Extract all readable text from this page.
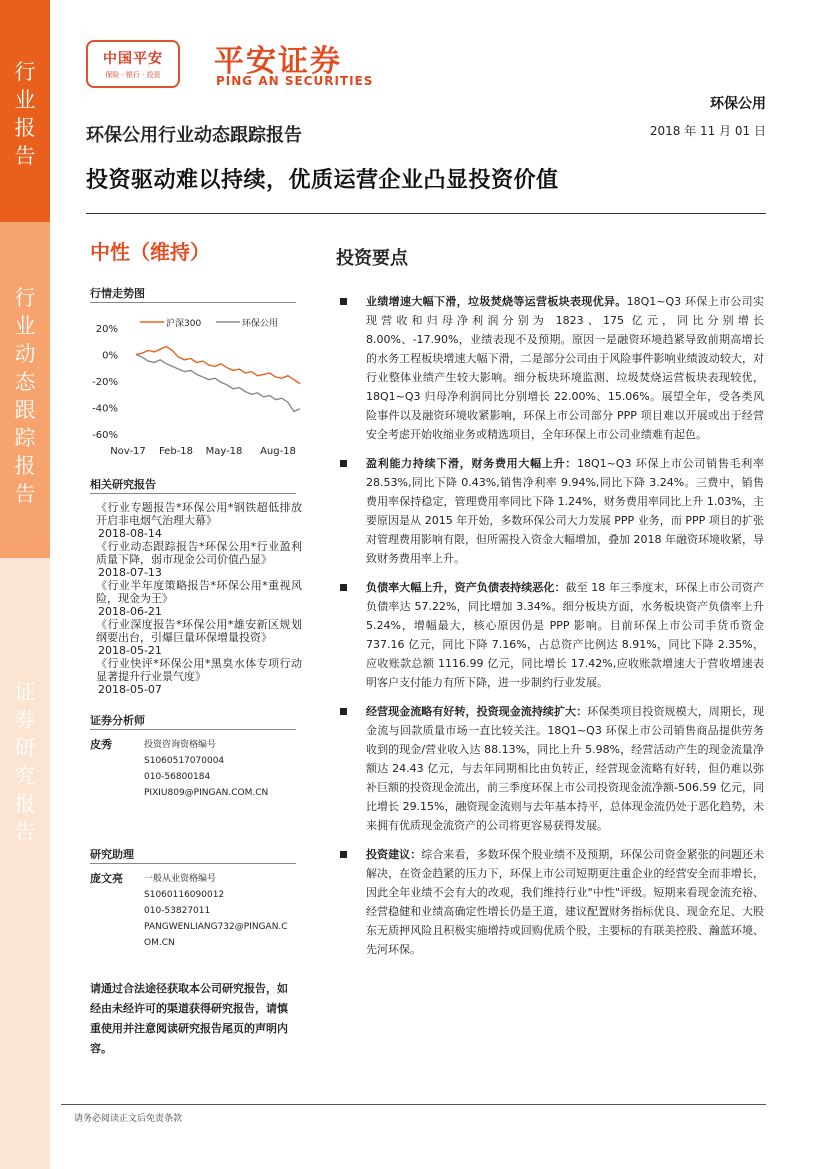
行
业
报
告
行
业
动
态
跟
踪
报
告
证
券
研
究
报
告
中国平安
保险 · 银行 · 投资	平安证券
PING AN SECURITIES
环保公用
环保公用行业动态跟踪报告	2018 年 11 月 01 日
投资驱动难以持续，优质运营企业凸显投资价值
中性（维持）
行情走势图
20%
0%
-20%
-40%
-60%
Nov-17 Feb-18 May-18 Aug-18
沪深300	环保公用
相关研究报告
《行业专题报告*环保公用*钢铁超低排放开启非电烟气治理大幕》
2018-08-14
《行业动态跟踪报告*环保公用*行业盈利质量下降，弱市现金公司价值凸显》
2018-07-13
《行业半年度策略报告*环保公用*重视风险，现金为王》
2018-06-21
《行业深度报告*环保公用*雄安新区规划纲要出台，引爆巨量环保增量投资》
2018-05-21
《行业快评*环保公用*黑臭水体专项行动显著提升行业景气度》
2018-05-07
证券分析师
皮秀	投资咨询资格编号
S1060517070004
010-56800184
PIXIU809@PINGAN.COM.CN
研究助理
庞文亮 一般从业资格编号
S1060116090012
010-53827011
PANGWENLIANG732@PINGAN.COM.CN
请通过合法途径获取本公司研究报告，如经由未经许可的渠道获得研究报告，请慎重使用并注意阅读研究报告尾页的声明内容。
投资要点
业绩增速大幅下滑，垃圾焚烧等运营板块表现优异。18Q1~Q3 环保上市公司实现营收和归母净利润分别为 1823、175 亿元，同比分别增长 8.00%、-17.90%，业绩表现不及预期。原因一是融资环境趋紧导致前期高增长的水务工程板块增速大幅下滑，二是部分公司由于风险事件影响业绩波动较大，对行业整体业绩产生较大影响。细分板块环境监测、垃圾焚烧运营板块表现较优，18Q1~Q3 归母净利润同比分别增长 22.00%、15.06%。展望全年，受各类风险事件以及融资环境收紧影响，环保上市公司部分 PPP 项目难以开展或出于经营安全考虑开始收缩业务或精选项目，全年环保上市公司业绩难有起色。
盈利能力持续下滑，财务费用大幅上升：18Q1~Q3 环保上市公司销售毛利率 28.53%,同比下降 0.43%,销售净利率 9.94%,同比下降 3.24%。三费中，销售费用率保持稳定，管理费用率同比下降 1.24%，财务费用率同比上升 1.03%，主要原因是从 2015 年开始，多数环保公司大力发展 PPP 业务，而 PPP 项目的扩张对管理费用影响有限，但所需投入资金大幅增加，叠加 2018 年融资环境收紧，导致财务费用率上升。
负债率大幅上升，资产负债表持续恶化：截至 18 年三季度末，环保上市公司资产负债率达 57.22%，同比增加 3.34%。细分板块方面，水务板块资产负债率上升 5.24%，增幅最大，核心原因仍是 PPP 影响。目前环保上市公司手货币资金 737.16 亿元，同比下降 7.16%，占总资产比例达 8.91%，同比下降 2.35%，应收账款总额 1116.99 亿元，同比增长 17.42%,应收账款增速大于营收增速表明客户支付能力有所下降，进一步制约行业发展。
经营现金流略有好转，投资现金流持续扩大：环保类项目投资规模大，周期长，现金流与回款质量市场一直比较关注。18Q1~Q3 环保上市公司销售商品提供劳务收到的现金/营业收入达 88.13%，同比上升 5.98%，经营活动产生的现金流量净额达 24.43 亿元，与去年同期相比由负转正，经营现金流略有好转，但仍难以弥补巨额的投资现金流出，前三季度环保上市公司投资现金流净额-506.59 亿元，同比增长 29.15%，融资现金流则与去年基本持平，总体现金流仍处于恶化趋势，未来拥有优质现金流资产的公司将更容易获得发展。
投资建议：综合来看，多数环保个股业绩不及预期，环保公司资金紧张的问题还未解决，在资金趋紧的压力下，环保上市公司短期更注重企业的经营安全而非增长，因此全年业绩不会有大的改观，我们维持行业"中性"评级。短期来看现金流充裕、经营稳健和业绩高确定性增长仍是王道，建议配置财务指标优良、现金充足、大股东无质押风险且积极实施增持或回购优质个股，主要标的有联美控股、瀚蓝环境、先河环保。
请务必阅读正文后免责条款
